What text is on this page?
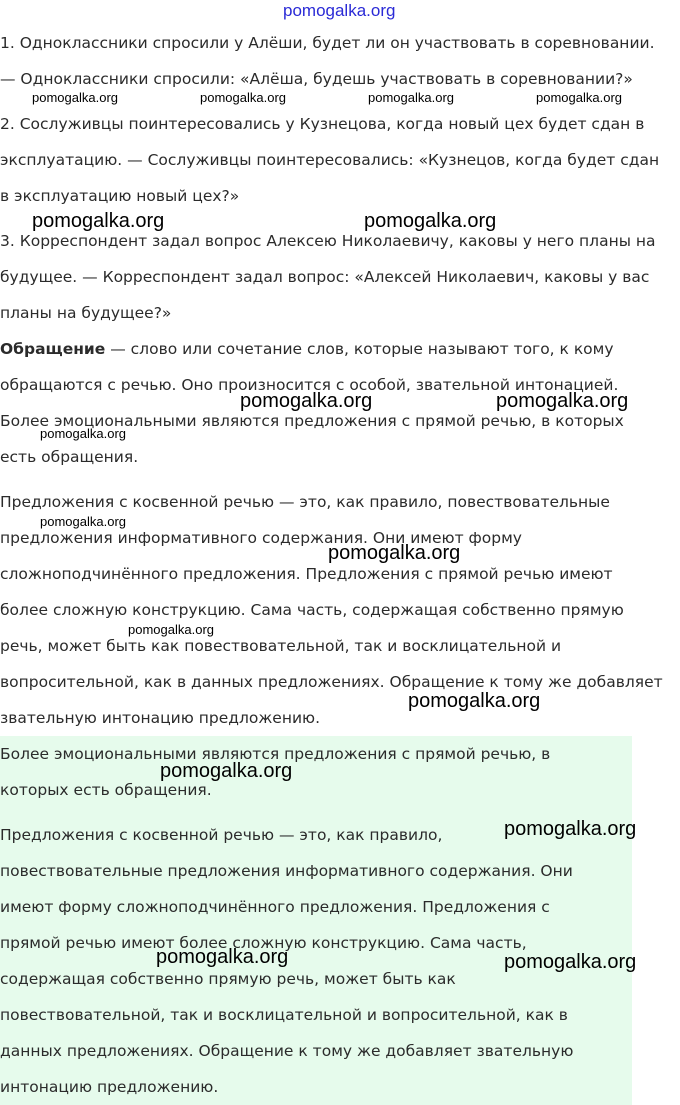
pomogalka.org

1. Одноклассники спросили у Алёши, будет ли он участвовать в соревновании.

— Одноклассники спросили: «Алёша, будешь участвовать в соревновании?»

2. Сослуживцы поинтересовались у Кузнецова, когда новый цех будет сдан в

эксплуатацию. — Сослуживцы поинтересовались: «Кузнецов, когда будет сдан

в эксплуатацию новый цех?»

3. Корреспондент задал вопрос Алексею Николаевичу, каковы у него планы на

будущее. — Корреспондент задал вопрос: «Алексей Николаевич, каковы у вас

планы на будущее?»

Обращение — слово или сочетание слов, которые называют того, к кому

обращаются с речью. Оно произносится с особой, звательной интонацией.

Более эмоциональными являются предложения с прямой речью, в которых

есть обращения.

Предложения с косвенной речью — это, как правило, повествовательные

предложения информативного содержания. Они имеют форму

сложноподчинённого предложения. Предложения с прямой речью имеют

более сложную конструкцию. Сама часть, содержащая собственно прямую

речь, может быть как повествовательной, так и восклицательной и

вопросительной, как в данных предложениях. Обращение к тому же добавляет

звательную интонацию предложению.

Более эмоциональными являются предложения с прямой речью, в

которых есть обращения.

Предложения с косвенной речью — это, как правило,

повествовательные предложения информативного содержания. Они

имеют форму сложноподчинённого предложения. Предложения с

прямой речью имеют более сложную конструкцию. Сама часть,

содержащая собственно прямую речь, может быть как

повествовательной, так и восклицательной и вопросительной, как в

данных предложениях. Обращение к тому же добавляет звательную

интонацию предложению.

pomogalka.org	pomogalka.org	pomogalka.org	pomogalka.org
pomogalka.org	pomogalka.org
pomogalka.org	pomogalka.org
pomogalka.org
pomogalka.org
pomogalka.org
pomogalka.org
pomogalka.org
pomogalka.org
pomogalka.org
pomogalka.org	pomogalka.org
